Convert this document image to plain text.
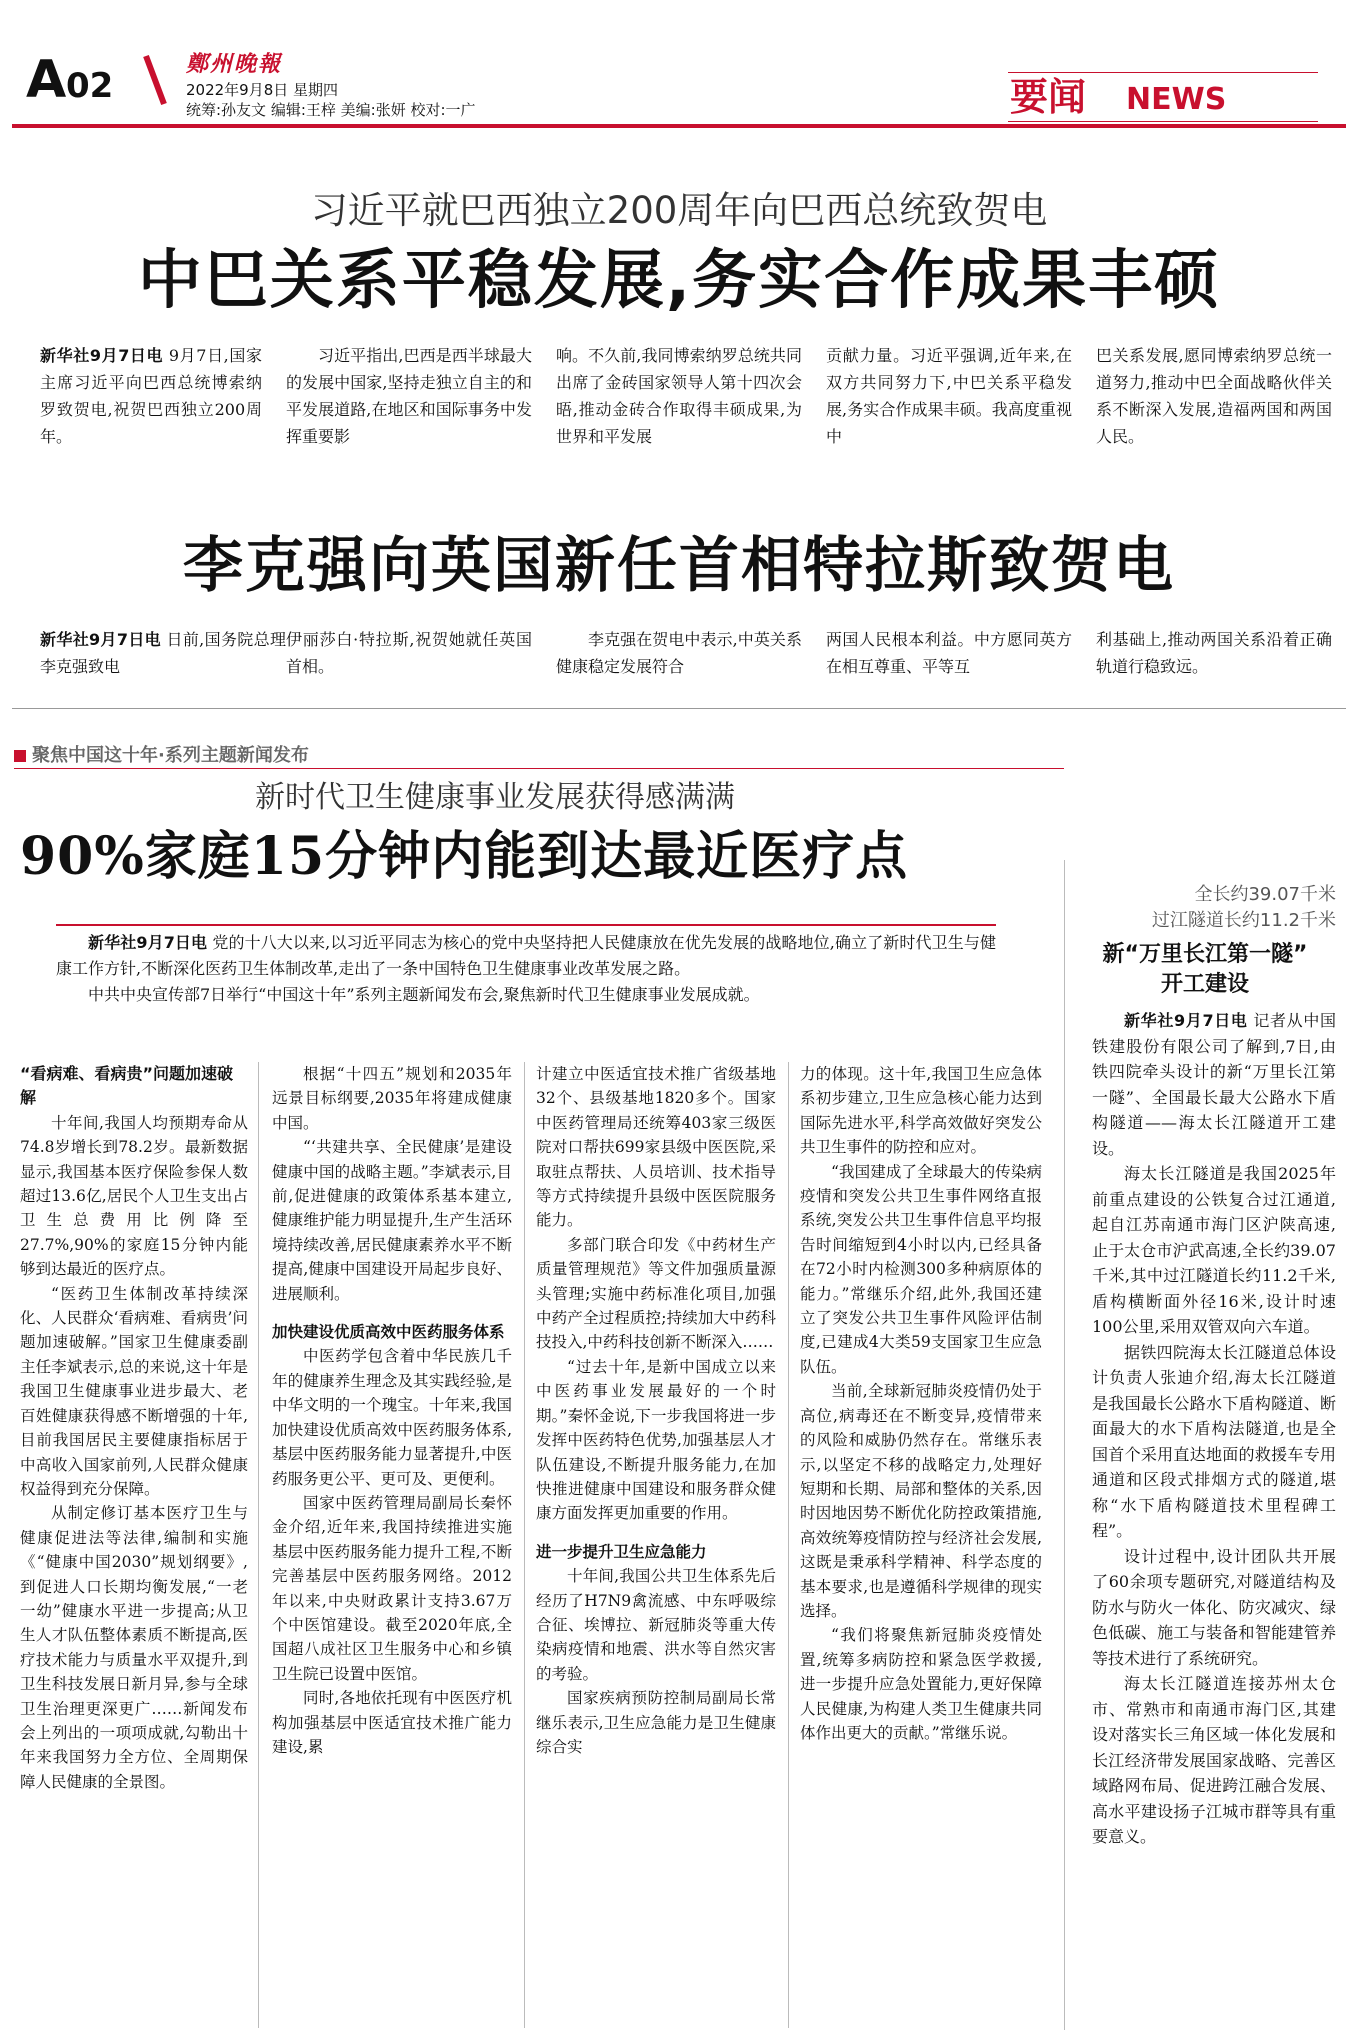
A 02
鄭州晚報
2022年9月8日 星期四
统筹:孙友文 编辑:王梓 美编:张妍 校对:一广	要闻 NEWS
习近平就巴西独立200周年向巴西总统致贺电
中巴关系平稳发展,务实合作成果丰硕
新华社9月7日电 9月7日,国家主席习近平向巴西总统博索纳罗致贺电,祝贺巴西独立200周年。
习近平指出,巴西是西半球最大的发展中国家,坚持走独立自主的和平发展道路,在地区和国际事务中发挥重要影
响。不久前,我同博索纳罗总统共同出席了金砖国家领导人第十四次会晤,推动金砖合作取得丰硕成果,为世界和平发展
贡献力量。习近平强调,近年来,在双方共同努力下,中巴关系平稳发展,务实合作成果丰硕。我高度重视中
巴关系发展,愿同博索纳罗总统一道努力,推动中巴全面战略伙伴关系不断深入发展,造福两国和两国人民。
李克强向英国新任首相特拉斯致贺电
新华社9月7日电 日前,国务院总理李克强致电
伊丽莎白·特拉斯,祝贺她就任英国首相。
李克强在贺电中表示,中英关系健康稳定发展符合
两国人民根本利益。中方愿同英方在相互尊重、平等互
利基础上,推动两国关系沿着正确轨道行稳致远。
聚焦中国这十年·系列主题新闻发布
新时代卫生健康事业发展获得感满满
90%家庭15分钟内能到达最近医疗点

新华社9月7日电 党的十八大以来,以习近平同志为核心的党中央坚持把人民健康放在优先发展的战略地位,确立了新时代卫生与健康工作方针,不断深化医药卫生体制改革,走出了一条中国特色卫生健康事业改革发展之路。

中共中央宣传部7日举行“中国这十年”系列主题新闻发布会,聚焦新时代卫生健康事业发展成就。

“看病难、看病贵”问题加速破解

十年间,我国人均预期寿命从74.8岁增长到78.2岁。最新数据显示,我国基本医疗保险参保人数超过13.6亿,居民个人卫生支出占卫生总费用比例降至27.7%,90%的家庭15分钟内能够到达最近的医疗点。

“医药卫生体制改革持续深化、人民群众‘看病难、看病贵’问题加速破解。”国家卫生健康委副主任李斌表示,总的来说,这十年是我国卫生健康事业进步最大、老百姓健康获得感不断增强的十年,目前我国居民主要健康指标居于中高收入国家前列,人民群众健康权益得到充分保障。

从制定修订基本医疗卫生与健康促进法等法律,编制和实施《“健康中国2030”规划纲要》,到促进人口长期均衡发展,“一老一幼”健康水平进一步提高;从卫生人才队伍整体素质不断提高,医疗技术能力与质量水平双提升,到卫生科技发展日新月异,参与全球卫生治理更深更广……新闻发布会上列出的一项项成就,勾勒出十年来我国努力全方位、全周期保障人民健康的全景图。

根据“十四五”规划和2035年远景目标纲要,2035年将建成健康中国。

“‘共建共享、全民健康’是建设健康中国的战略主题。”李斌表示,目前,促进健康的政策体系基本建立,健康维护能力明显提升,生产生活环境持续改善,居民健康素养水平不断提高,健康中国建设开局起步良好、进展顺利。

加快建设优质高效中医药服务体系

中医药学包含着中华民族几千年的健康养生理念及其实践经验,是中华文明的一个瑰宝。十年来,我国加快建设优质高效中医药服务体系,基层中医药服务能力显著提升,中医药服务更公平、更可及、更便利。

国家中医药管理局副局长秦怀金介绍,近年来,我国持续推进实施基层中医药服务能力提升工程,不断完善基层中医药服务网络。2012年以来,中央财政累计支持3.67万个中医馆建设。截至2020年底,全国超八成社区卫生服务中心和乡镇卫生院已设置中医馆。

同时,各地依托现有中医医疗机构加强基层中医适宜技术推广能力建设,累

计建立中医适宜技术推广省级基地32个、县级基地1820多个。国家中医药管理局还统筹403家三级医院对口帮扶699家县级中医医院,采取驻点帮扶、人员培训、技术指导等方式持续提升县级中医医院服务能力。

多部门联合印发《中药材生产质量管理规范》等文件加强质量源头管理;实施中药标准化项目,加强中药产全过程质控;持续加大中药科技投入,中药科技创新不断深入……

“过去十年,是新中国成立以来中医药事业发展最好的一个时期。”秦怀金说,下一步我国将进一步发挥中医药特色优势,加强基层人才队伍建设,不断提升服务能力,在加快推进健康中国建设和服务群众健康方面发挥更加重要的作用。

进一步提升卫生应急能力

十年间,我国公共卫生体系先后经历了H7N9禽流感、中东呼吸综合征、埃博拉、新冠肺炎等重大传染病疫情和地震、洪水等自然灾害的考验。

国家疾病预防控制局副局长常继乐表示,卫生应急能力是卫生健康综合实

力的体现。这十年,我国卫生应急体系初步建立,卫生应急核心能力达到国际先进水平,科学高效做好突发公共卫生事件的防控和应对。

“我国建成了全球最大的传染病疫情和突发公共卫生事件网络直报系统,突发公共卫生事件信息平均报告时间缩短到4小时以内,已经具备在72小时内检测300多种病原体的能力。”常继乐介绍,此外,我国还建立了突发公共卫生事件风险评估制度,已建成4大类59支国家卫生应急队伍。

当前,全球新冠肺炎疫情仍处于高位,病毒还在不断变异,疫情带来的风险和威胁仍然存在。常继乐表示,以坚定不移的战略定力,处理好短期和长期、局部和整体的关系,因时因地因势不断优化防控政策措施,高效统筹疫情防控与经济社会发展,这既是秉承科学精神、科学态度的基本要求,也是遵循科学规律的现实选择。

“我们将聚焦新冠肺炎疫情处置,统筹多病防控和紧急医学救援,进一步提升应急处置能力,更好保障人民健康,为构建人类卫生健康共同体作出更大的贡献。”常继乐说。

全长约39.07千米
过江隧道长约11.2千米
新“万里长江第一隧”
开工建设

新华社9月7日电 记者从中国铁建股份有限公司了解到,7日,由铁四院牵头设计的新“万里长江第一隧”、全国最长最大公路水下盾构隧道——海太长江隧道开工建设。

海太长江隧道是我国2025年前重点建设的公铁复合过江通道,起自江苏南通市海门区沪陕高速,止于太仓市沪武高速,全长约39.07千米,其中过江隧道长约11.2千米,盾构横断面外径16米,设计时速100公里,采用双管双向六车道。

据铁四院海太长江隧道总体设计负责人张迪介绍,海太长江隧道是我国最长公路水下盾构隧道、断面最大的水下盾构法隧道,也是全国首个采用直达地面的救援车专用通道和区段式排烟方式的隧道,堪称“水下盾构隧道技术里程碑工程”。

设计过程中,设计团队共开展了60余项专题研究,对隧道结构及防水与防火一体化、防灾减灾、绿色低碳、施工与装备和智能建管养等技术进行了系统研究。

海太长江隧道连接苏州太仓市、常熟市和南通市海门区,其建设对落实长三角区域一体化发展和长江经济带发展国家战略、完善区域路网布局、促进跨江融合发展、高水平建设扬子江城市群等具有重要意义。
